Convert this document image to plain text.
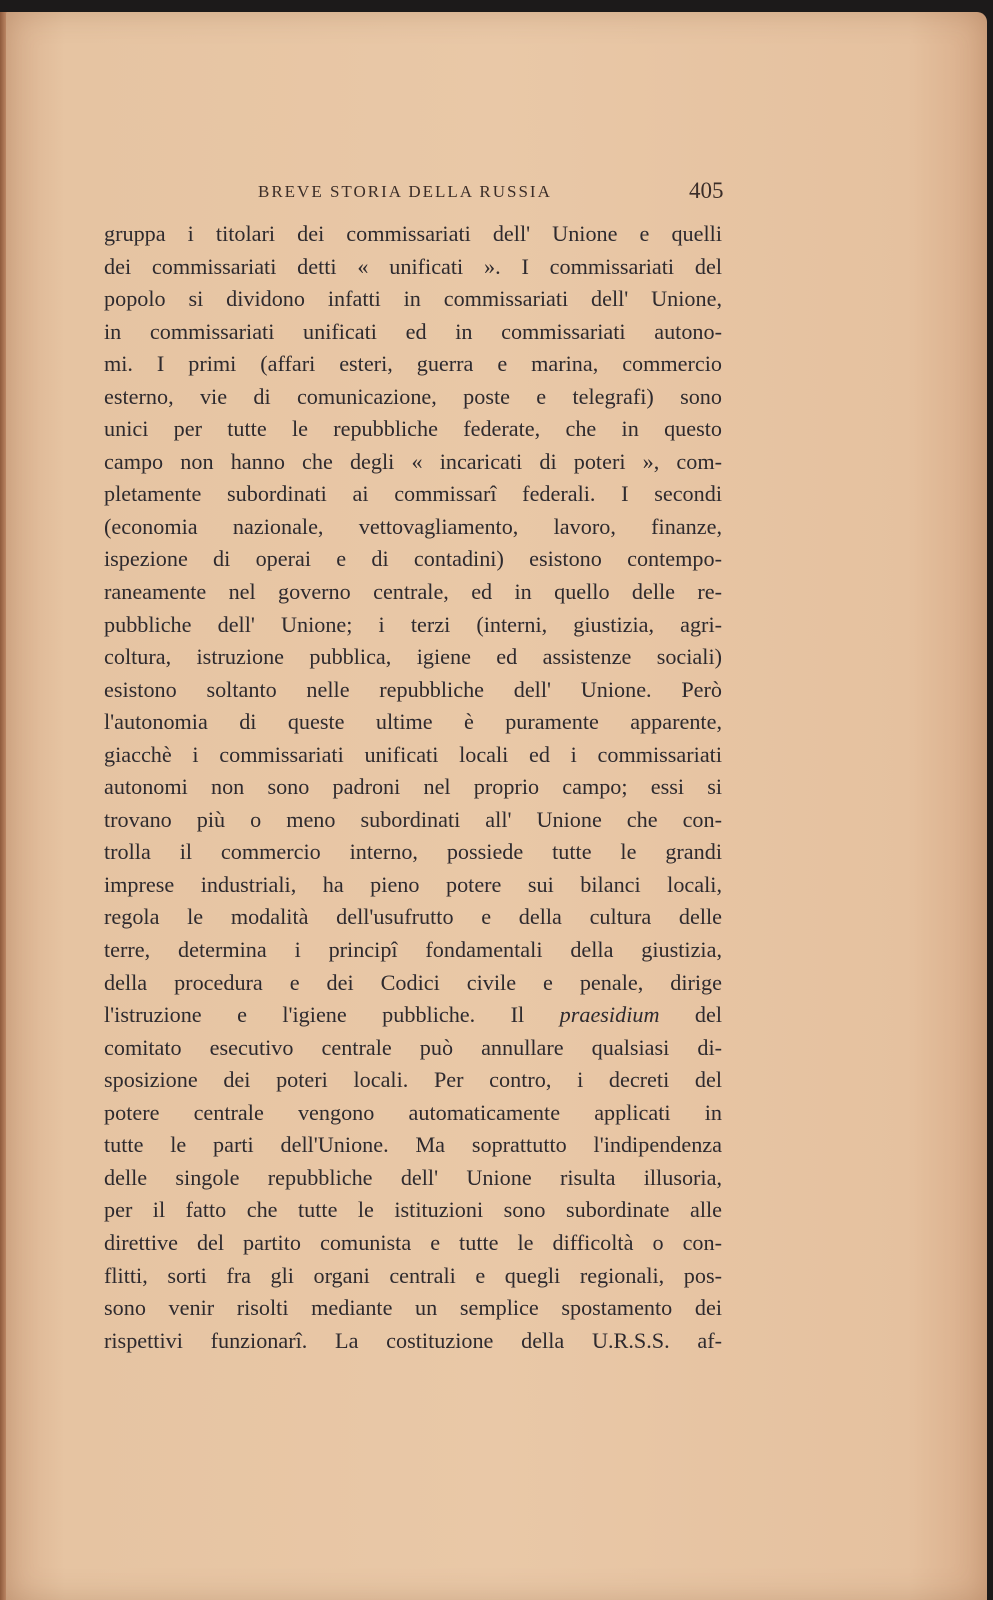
BREVE STORIA DELLA RUSSIA	405
gruppa i titolari dei commissariati dell' Unione e quelli
dei commissariati detti « unificati ». I commissariati del
popolo si dividono infatti in commissariati dell' Unione,
in commissariati unificati ed in commissariati autono-
mi. I primi (affari esteri, guerra e marina, commercio
esterno, vie di comunicazione, poste e telegrafi) sono
unici per tutte le repubbliche federate, che in questo
campo non hanno che degli « incaricati di poteri », com-
pletamente subordinati ai commissarî federali. I secondi
(economia nazionale, vettovagliamento, lavoro, finanze,
ispezione di operai e di contadini) esistono contempo-
raneamente nel governo centrale, ed in quello delle re-
pubbliche dell' Unione; i terzi (interni, giustizia, agri-
coltura, istruzione pubblica, igiene ed assistenze sociali)
esistono soltanto nelle repubbliche dell' Unione. Però
l'autonomia di queste ultime è puramente apparente,
giacchè i commissariati unificati locali ed i commissariati
autonomi non sono padroni nel proprio campo; essi si
trovano più o meno subordinati all' Unione che con-
trolla il commercio interno, possiede tutte le grandi
imprese industriali, ha pieno potere sui bilanci locali,
regola le modalità dell'usufrutto e della cultura delle
terre, determina i principî fondamentali della giustizia,
della procedura e dei Codici civile e penale, dirige
l'istruzione e l'igiene pubbliche. Il praesidium del
comitato esecutivo centrale può annullare qualsiasi di-
sposizione dei poteri locali. Per contro, i decreti del
potere centrale vengono automaticamente applicati in
tutte le parti dell'Unione. Ma soprattutto l'indipendenza
delle singole repubbliche dell' Unione risulta illusoria,
per il fatto che tutte le istituzioni sono subordinate alle
direttive del partito comunista e tutte le difficoltà o con-
flitti, sorti fra gli organi centrali e quegli regionali, pos-
sono venir risolti mediante un semplice spostamento dei
rispettivi funzionarî. La costituzione della U.R.S.S. af-
